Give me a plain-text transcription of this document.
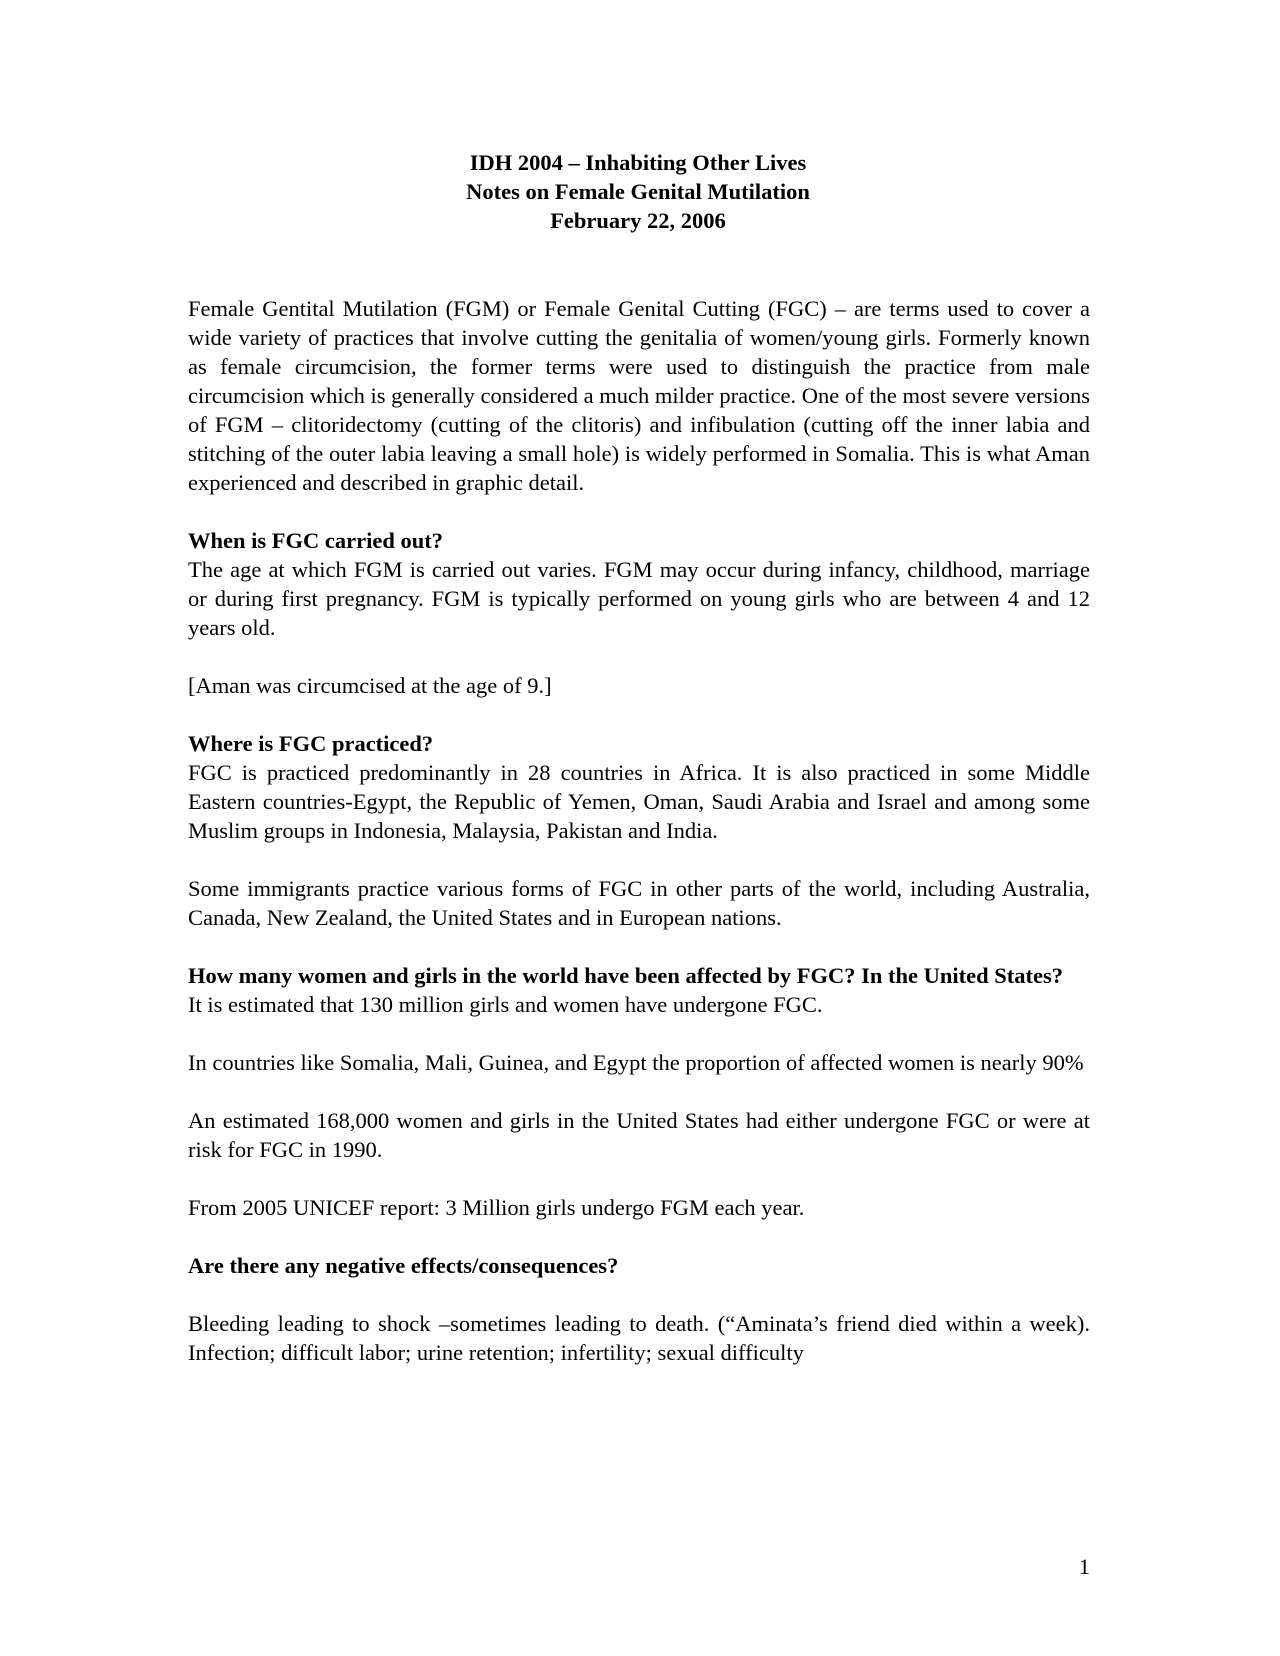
IDH 2004 – Inhabiting Other Lives
Notes on Female Genital Mutilation
February 22, 2006

Female Gentital Mutilation (FGM) or Female Genital Cutting (FGC) – are terms used to cover a wide variety of practices that involve cutting the genitalia of women/young girls. Formerly known as female circumcision, the former terms were used to distinguish the practice from male circumcision which is generally considered a much milder practice. One of the most severe versions of FGM – clitoridectomy (cutting of the clitoris) and infibulation (cutting off the inner labia and stitching of the outer labia leaving a small hole) is widely performed in Somalia. This is what Aman experienced and described in graphic detail.

When is FGC carried out?

The age at which FGM is carried out varies. FGM may occur during infancy, childhood, marriage or during first pregnancy. FGM is typically performed on young girls who are between 4 and 12 years old.

[Aman was circumcised at the age of 9.]

Where is FGC practiced?

FGC is practiced predominantly in 28 countries in Africa. It is also practiced in some Middle Eastern countries-Egypt, the Republic of Yemen, Oman, Saudi Arabia and Israel and among some Muslim groups in Indonesia, Malaysia, Pakistan and India.

Some immigrants practice various forms of FGC in other parts of the world, including Australia, Canada, New Zealand, the United States and in European nations.

How many women and girls in the world have been affected by FGC? In the United States?

It is estimated that 130 million girls and women have undergone FGC.

In countries like Somalia, Mali, Guinea, and Egypt the proportion of affected women is nearly 90%

An estimated 168,000 women and girls in the United States had either undergone FGC or were at risk for FGC in 1990.

From 2005 UNICEF report: 3 Million girls undergo FGM each year.

Are there any negative effects/consequences?

Bleeding leading to shock –sometimes leading to death. (“Aminata’s friend died within a week). Infection; difficult labor; urine retention; infertility; sexual difficulty

1
